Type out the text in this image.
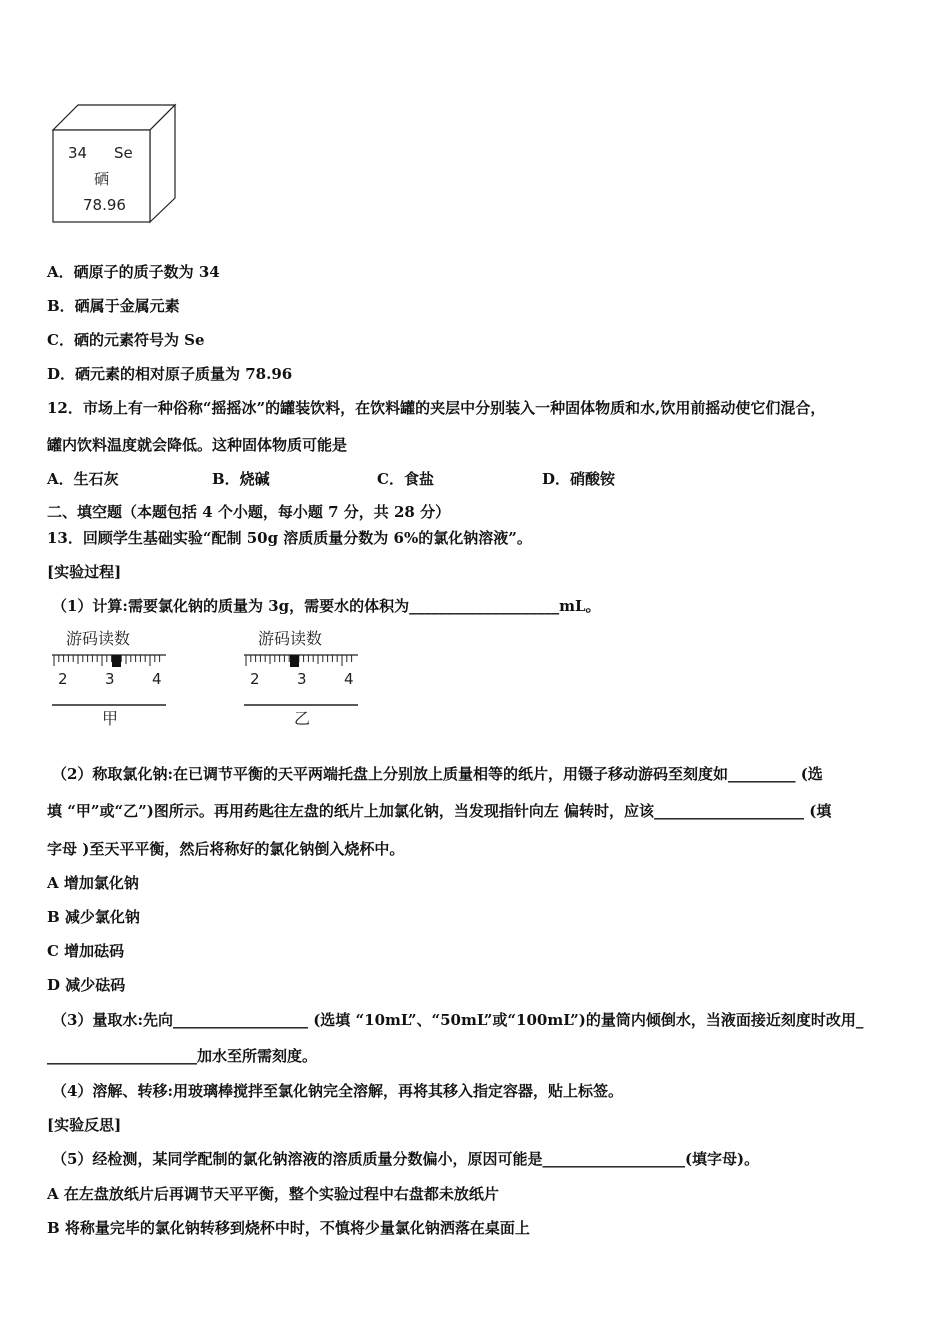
34 Se
硒
78.96
A．硒原子的质子数为 34
B．硒属于金属元素
C．硒的元素符号为 Se
D．硒元素的相对原子质量为 78.96
12．市场上有一种俗称“摇摇冰”的罐装饮料，在饮料罐的夹层中分别装入一种固体物质和水,饮用前摇动使它们混合，
罐内饮料温度就会降低。这种固体物质可能是
A．生石灰	B．烧碱	C．食盐	D．硝酸铵
二、填空题（本题包括 4 个小题，每小题 7 分，共 28 分）
13．回顾学生基础实验“配制 50g 溶质质量分数为 6%的氯化钠溶液”。
[实验过程]
（1）计算:需要氯化钠的质量为 3g，需要水的体积为____________________mL。
游码读数
2 3 4
甲
游码读数
2 3 4
乙
（2）称取氯化钠:在已调节平衡的天平两端托盘上分别放上质量相等的纸片，用镊子移动游码至刻度如_________ (选
填 “甲”或“乙”)图所示。再用药匙往左盘的纸片上加氯化钠，当发现指针向左 偏转时，应该____________________ (填
字母 )至天平平衡，然后将称好的氯化钠倒入烧杯中。
A 增加氯化钠
B 减少氯化钠
C 增加砝码
D 减少砝码
（3）量取水:先向__________________ (选填 “10mL”、“50mL”或“100mL”)的量筒内倾倒水，当液面接近刻度时改用_
____________________加水至所需刻度。
（4）溶解、转移:用玻璃棒搅拌至氯化钠完全溶解，再将其移入指定容器，贴上标签。
[实验反思]
（5）经检测，某同学配制的氯化钠溶液的溶质质量分数偏小，原因可能是___________________(填字母)。
A 在左盘放纸片后再调节天平平衡，整个实验过程中右盘都未放纸片
B 将称量完毕的氯化钠转移到烧杯中时，不慎将少量氯化钠洒落在桌面上
